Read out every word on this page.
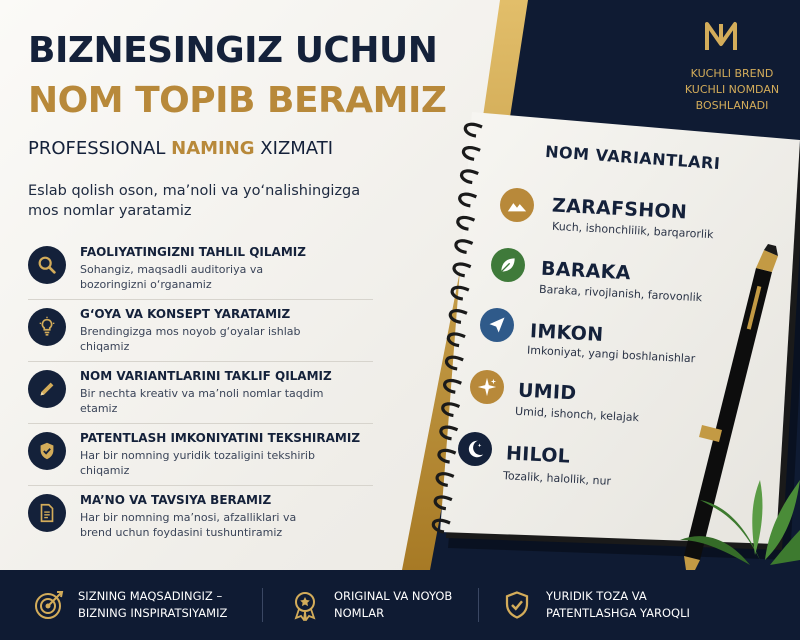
BIZNESINGIZ UCHUN
NOM TOPIB BERAMIZ
PROFESSIONAL NAMING XIZMATI
Eslab qolish oson, ma’noli va yo‘nalishingizga mos nomlar yaratamiz
FAOLIYATINGIZNI TAHLIL QILAMIZ
Sohangiz, maqsadli auditoriya va bozoringizni o‘rganamiz
G‘OYA VA KONSEPT YARATAMIZ
Brendingizga mos noyob g‘oyalar ishlab chiqamiz
NOM VARIANTLARINI TAKLIF QILAMIZ
Bir nechta kreativ va ma’noli nomlar taqdim etamiz
PATENTLASH IMKONIYATINI TEKSHIRAMIZ
Har bir nomning yuridik tozaligini tekshirib chiqamiz
MA’NO VA TAVSIYA BERAMIZ
Har bir nomning ma’nosi, afzalliklari va brend uchun foydasini tushuntiramiz
KUCHLI BREND
KUCHLI NOMDAN
BOSHLANADI
NOM VARIANTLARI
ZARAFSHON
Kuch, ishonchlilik, barqarorlik
BARAKA
Baraka, rivojlanish, farovonlik
IMKON
Imkoniyat, yangi boshlanishlar
UMID
Umid, ishonch, kelajak
HILOL
Tozalik, halollik, nur
SIZNING MAQSADINGIZ –
BIZNING INSPIRATSIYAMIZ
ORIGINAL VA NOYOB
NOMLAR
YURIDIK TOZA VA
PATENTLASHGA YAROQLI
